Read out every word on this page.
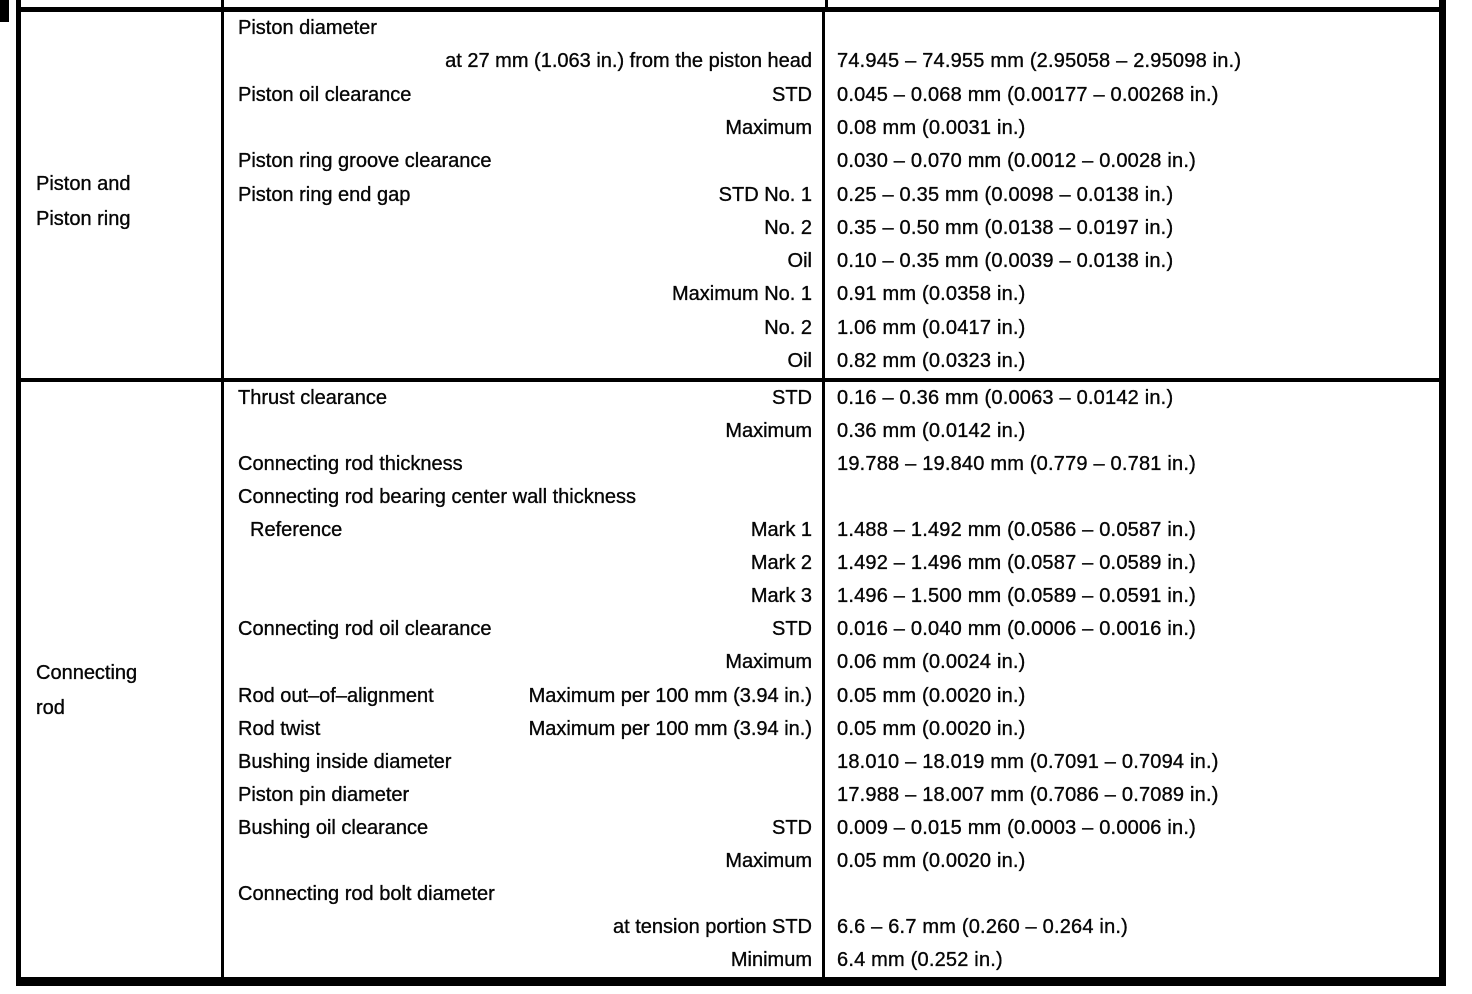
Piston and
Piston ring
Piston diameter
at 27 mm (1.063 in.) from the piston head 74.945 – 74.955 mm (2.95058 – 2.95098 in.)
Piston oil clearance	STD 0.045 – 0.068 mm (0.00177 – 0.00268 in.)
Maximum 0.08 mm (0.0031 in.)
Piston ring groove clearance	0.030 – 0.070 mm (0.0012 – 0.0028 in.)
Piston ring end gap	STD No. 1 0.25 – 0.35 mm (0.0098 – 0.0138 in.)
No. 2 0.35 – 0.50 mm (0.0138 – 0.0197 in.)
Oil 0.10 – 0.35 mm (0.0039 – 0.0138 in.)
Maximum No. 1 0.91 mm (0.0358 in.)
No. 2 1.06 mm (0.0417 in.)
Oil 0.82 mm (0.0323 in.)
Connecting
rod
Thrust clearance	STD 0.16 – 0.36 mm (0.0063 – 0.0142 in.)
Maximum 0.36 mm (0.0142 in.)
Connecting rod thickness	19.788 – 19.840 mm (0.779 – 0.781 in.)
Connecting rod bearing center wall thickness
Reference	Mark 1 1.488 – 1.492 mm (0.0586 – 0.0587 in.)
Mark 2 1.492 – 1.496 mm (0.0587 – 0.0589 in.)
Mark 3 1.496 – 1.500 mm (0.0589 – 0.0591 in.)
Connecting rod oil clearance	STD 0.016 – 0.040 mm (0.0006 – 0.0016 in.)
Maximum 0.06 mm (0.0024 in.)
Rod out–of–alignment	Maximum per 100 mm (3.94 in.) 0.05 mm (0.0020 in.)
Rod twist	Maximum per 100 mm (3.94 in.) 0.05 mm (0.0020 in.)
Bushing inside diameter	18.010 – 18.019 mm (0.7091 – 0.7094 in.)
Piston pin diameter	17.988 – 18.007 mm (0.7086 – 0.7089 in.)
Bushing oil clearance	STD 0.009 – 0.015 mm (0.0003 – 0.0006 in.)
Maximum 0.05 mm (0.0020 in.)
Connecting rod bolt diameter
at tension portion STD 6.6 – 6.7 mm (0.260 – 0.264 in.)
Minimum 6.4 mm (0.252 in.)
